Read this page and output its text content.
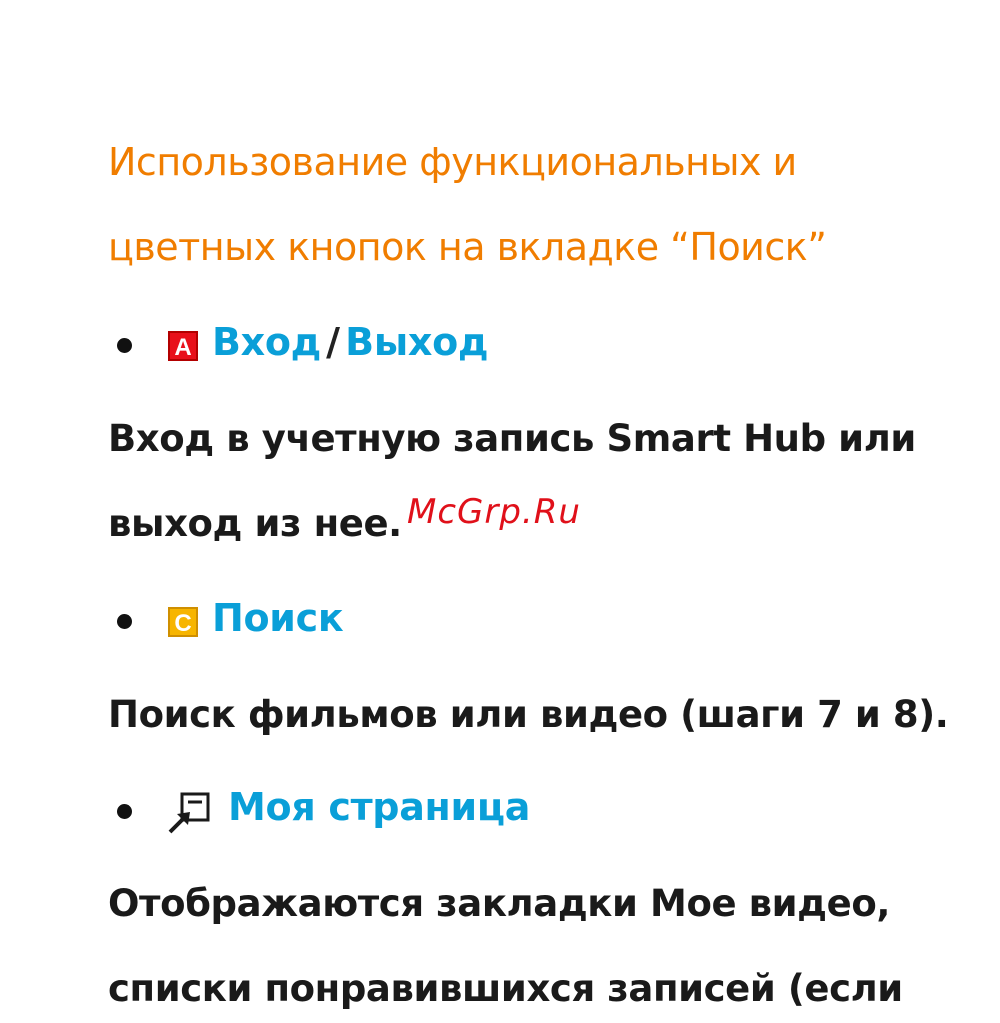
Использование функциональных и
цветных кнопок на вкладке “Поиск”
A Вход / Выход
Вход в учетную запись Smart Hub или
выход из нее. McGrp.Ru
C Поиск
Поиск фильмов или видео (шаги 7 и 8).
Моя страница
Отображаются закладки Мое видео,
списки понравившихся записей (если
